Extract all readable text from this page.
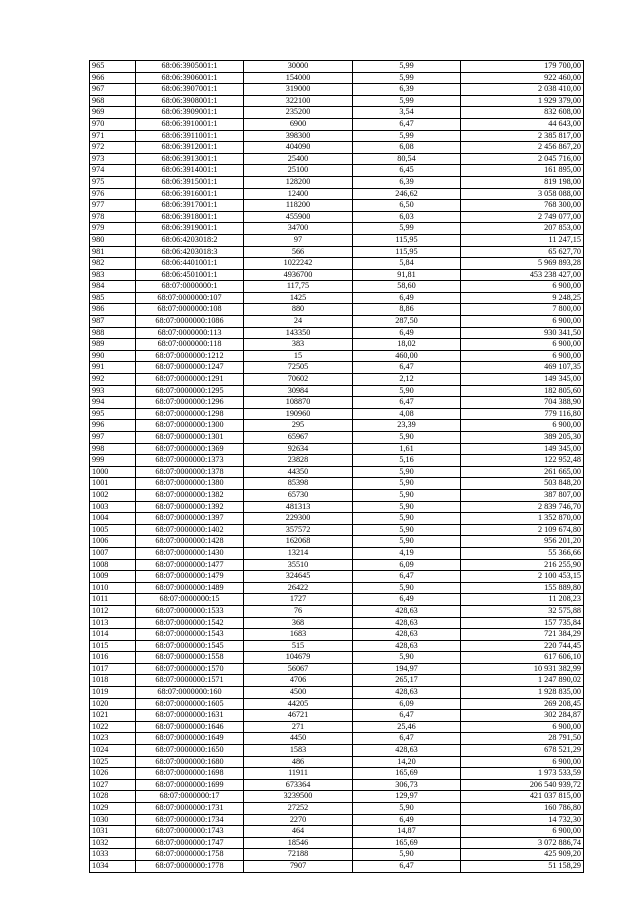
965	68:06:3905001:1	30000	5,99	179 700,00
966	68:06:3906001:1	154000	5,99	922 460,00
967	68:06:3907001:1	319000	6,39	2 038 410,00
968	68:06:3908001:1	322100	5,99	1 929 379,00
969	68:06:3909001:1	235200	3,54	832 608,00
970	68:06:3910001:1	6900	6,47	44 643,00
971	68:06:3911001:1	398300	5,99	2 385 817,00
972	68:06:3912001:1	404090	6,08	2 456 867,20
973	68:06:3913001:1	25400	80,54	2 045 716,00
974	68:06:3914001:1	25100	6,45	161 895,00
975	68:06:3915001:1	128200	6,39	819 198,00
976	68:06:3916001:1	12400	246,62	3 058 088,00
977	68:06:3917001:1	118200	6,50	768 300,00
978	68:06:3918001:1	455900	6,03	2 749 077,00
979	68:06:3919001:1	34700	5,99	207 853,00
980	68:06:4203018:2	97	115,95	11 247,15
981	68:06:4203018:3	566	115,95	65 627,70
982	68:06:4401001:1	1022242	5,84	5 969 893,28
983	68:06:4501001:1	4936700	91,81	453 238 427,00
984	68:07:0000000:1	117,75	58,60	6 900,00
985	68:07:0000000:107	1425	6,49	9 248,25
986	68:07:0000000:108	880	8,86	7 800,00
987	68:07:0000000:1086	24	287,50	6 900,00
988	68:07:0000000:113	143350	6,49	930 341,50
989	68:07:0000000:118	383	18,02	6 900,00
990	68:07:0000000:1212	15	460,00	6 900,00
991	68:07:0000000:1247	72505	6,47	469 107,35
992	68:07:0000000:1291	70602	2,12	149 345,00
993	68:07:0000000:1295	30984	5,90	182 805,60
994	68:07:0000000:1296	108870	6,47	704 388,90
995	68:07:0000000:1298	190960	4,08	779 116,80
996	68:07:0000000:1300	295	23,39	6 900,00
997	68:07:0000000:1301	65967	5,90	389 205,30
998	68:07:0000000:1369	92634	1,61	149 345,00
999	68:07:0000000:1373	23828	5,16	122 952,48
1000	68:07:0000000:1378	44350	5,90	261 665,00
1001	68:07:0000000:1380	85398	5,90	503 848,20
1002	68:07:0000000:1382	65730	5,90	387 807,00
1003	68:07:0000000:1392	481313	5,90	2 839 746,70
1004	68:07:0000000:1397	229300	5,90	1 352 870,00
1005	68:07:0000000:1402	357572	5,90	2 109 674,80
1006	68:07:0000000:1428	162068	5,90	956 201,20
1007	68:07:0000000:1430	13214	4,19	55 366,66
1008	68:07:0000000:1477	35510	6,09	216 255,90
1009	68:07:0000000:1479	324645	6,47	2 100 453,15
1010	68:07:0000000:1489	26422	5,90	155 889,80
1011	68:07:0000000:15	1727	6,49	11 208,23
1012	68:07:0000000:1533	76	428,63	32 575,88
1013	68:07:0000000:1542	368	428,63	157 735,84
1014	68:07:0000000:1543	1683	428,63	721 384,29
1015	68:07:0000000:1545	515	428,63	220 744,45
1016	68:07:0000000:1558	104679	5,90	617 606,10
1017	68:07:0000000:1570	56067	194,97	10 931 382,99
1018	68:07:0000000:1571	4706	265,17	1 247 890,02
1019	68:07:0000000:160	4500	428,63	1 928 835,00
1020	68:07:0000000:1605	44205	6,09	269 208,45
1021	68:07:0000000:1631	46721	6,47	302 284,87
1022	68:07:0000000:1646	271	25,46	6 900,00
1023	68:07:0000000:1649	4450	6,47	28 791,50
1024	68:07:0000000:1650	1583	428,63	678 521,29
1025	68:07:0000000:1680	486	14,20	6 900,00
1026	68:07:0000000:1698	11911	165,69	1 973 533,59
1027	68:07:0000000:1699	673364	306,73	206 540 939,72
1028	68:07:0000000:17	3239500	129,97	421 037 815,00
1029	68:07:0000000:1731	27252	5,90	160 786,80
1030	68:07:0000000:1734	2270	6,49	14 732,30
1031	68:07:0000000:1743	464	14,87	6 900,00
1032	68:07:0000000:1747	18546	165,69	3 072 886,74
1033	68:07:0000000:1758	72188	5,90	425 909,20
1034	68:07:0000000:1778	7907	6,47	51 158,29
